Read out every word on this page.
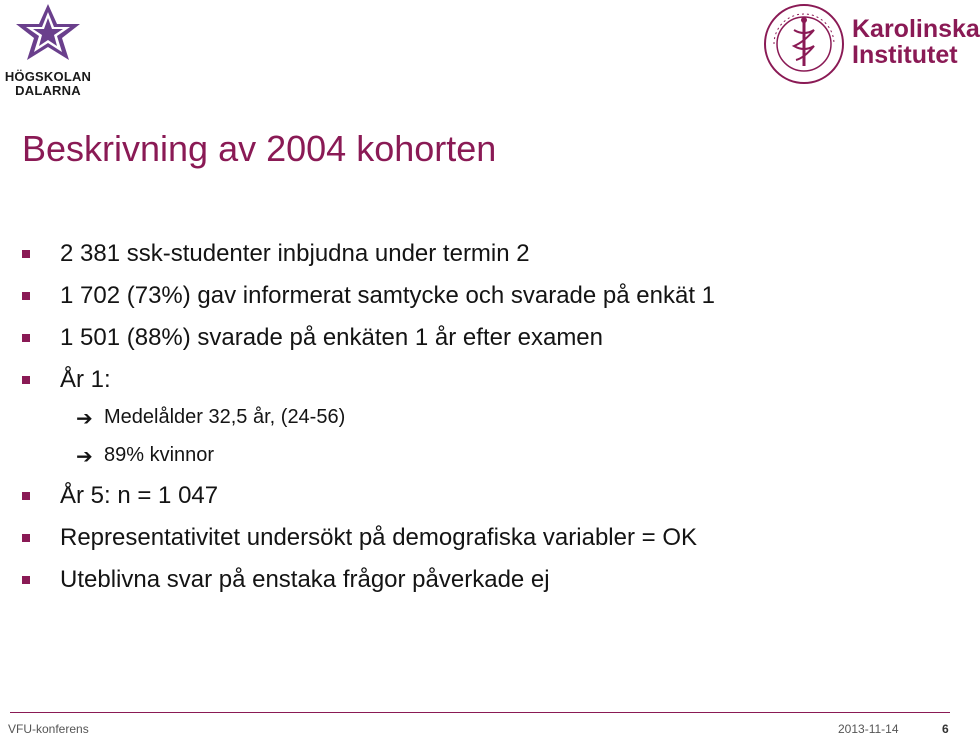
HÖGSKOLAN
DALARNA
Karolinska
Institutet
Beskrivning av 2004 kohorten
2 381 ssk-studenter inbjudna under termin 2
1 702 (73%) gav informerat samtycke och svarade på enkät 1
1 501 (88%) svarade på enkäten 1 år efter examen
År 1:
➔ Medelålder 32,5 år, (24-56)
➔ 89% kvinnor
År 5: n = 1 047
Representativitet undersökt på demografiska variabler = OK
Uteblivna svar på enstaka frågor påverkade ej
VFU-konferens	2013-11-14	6
